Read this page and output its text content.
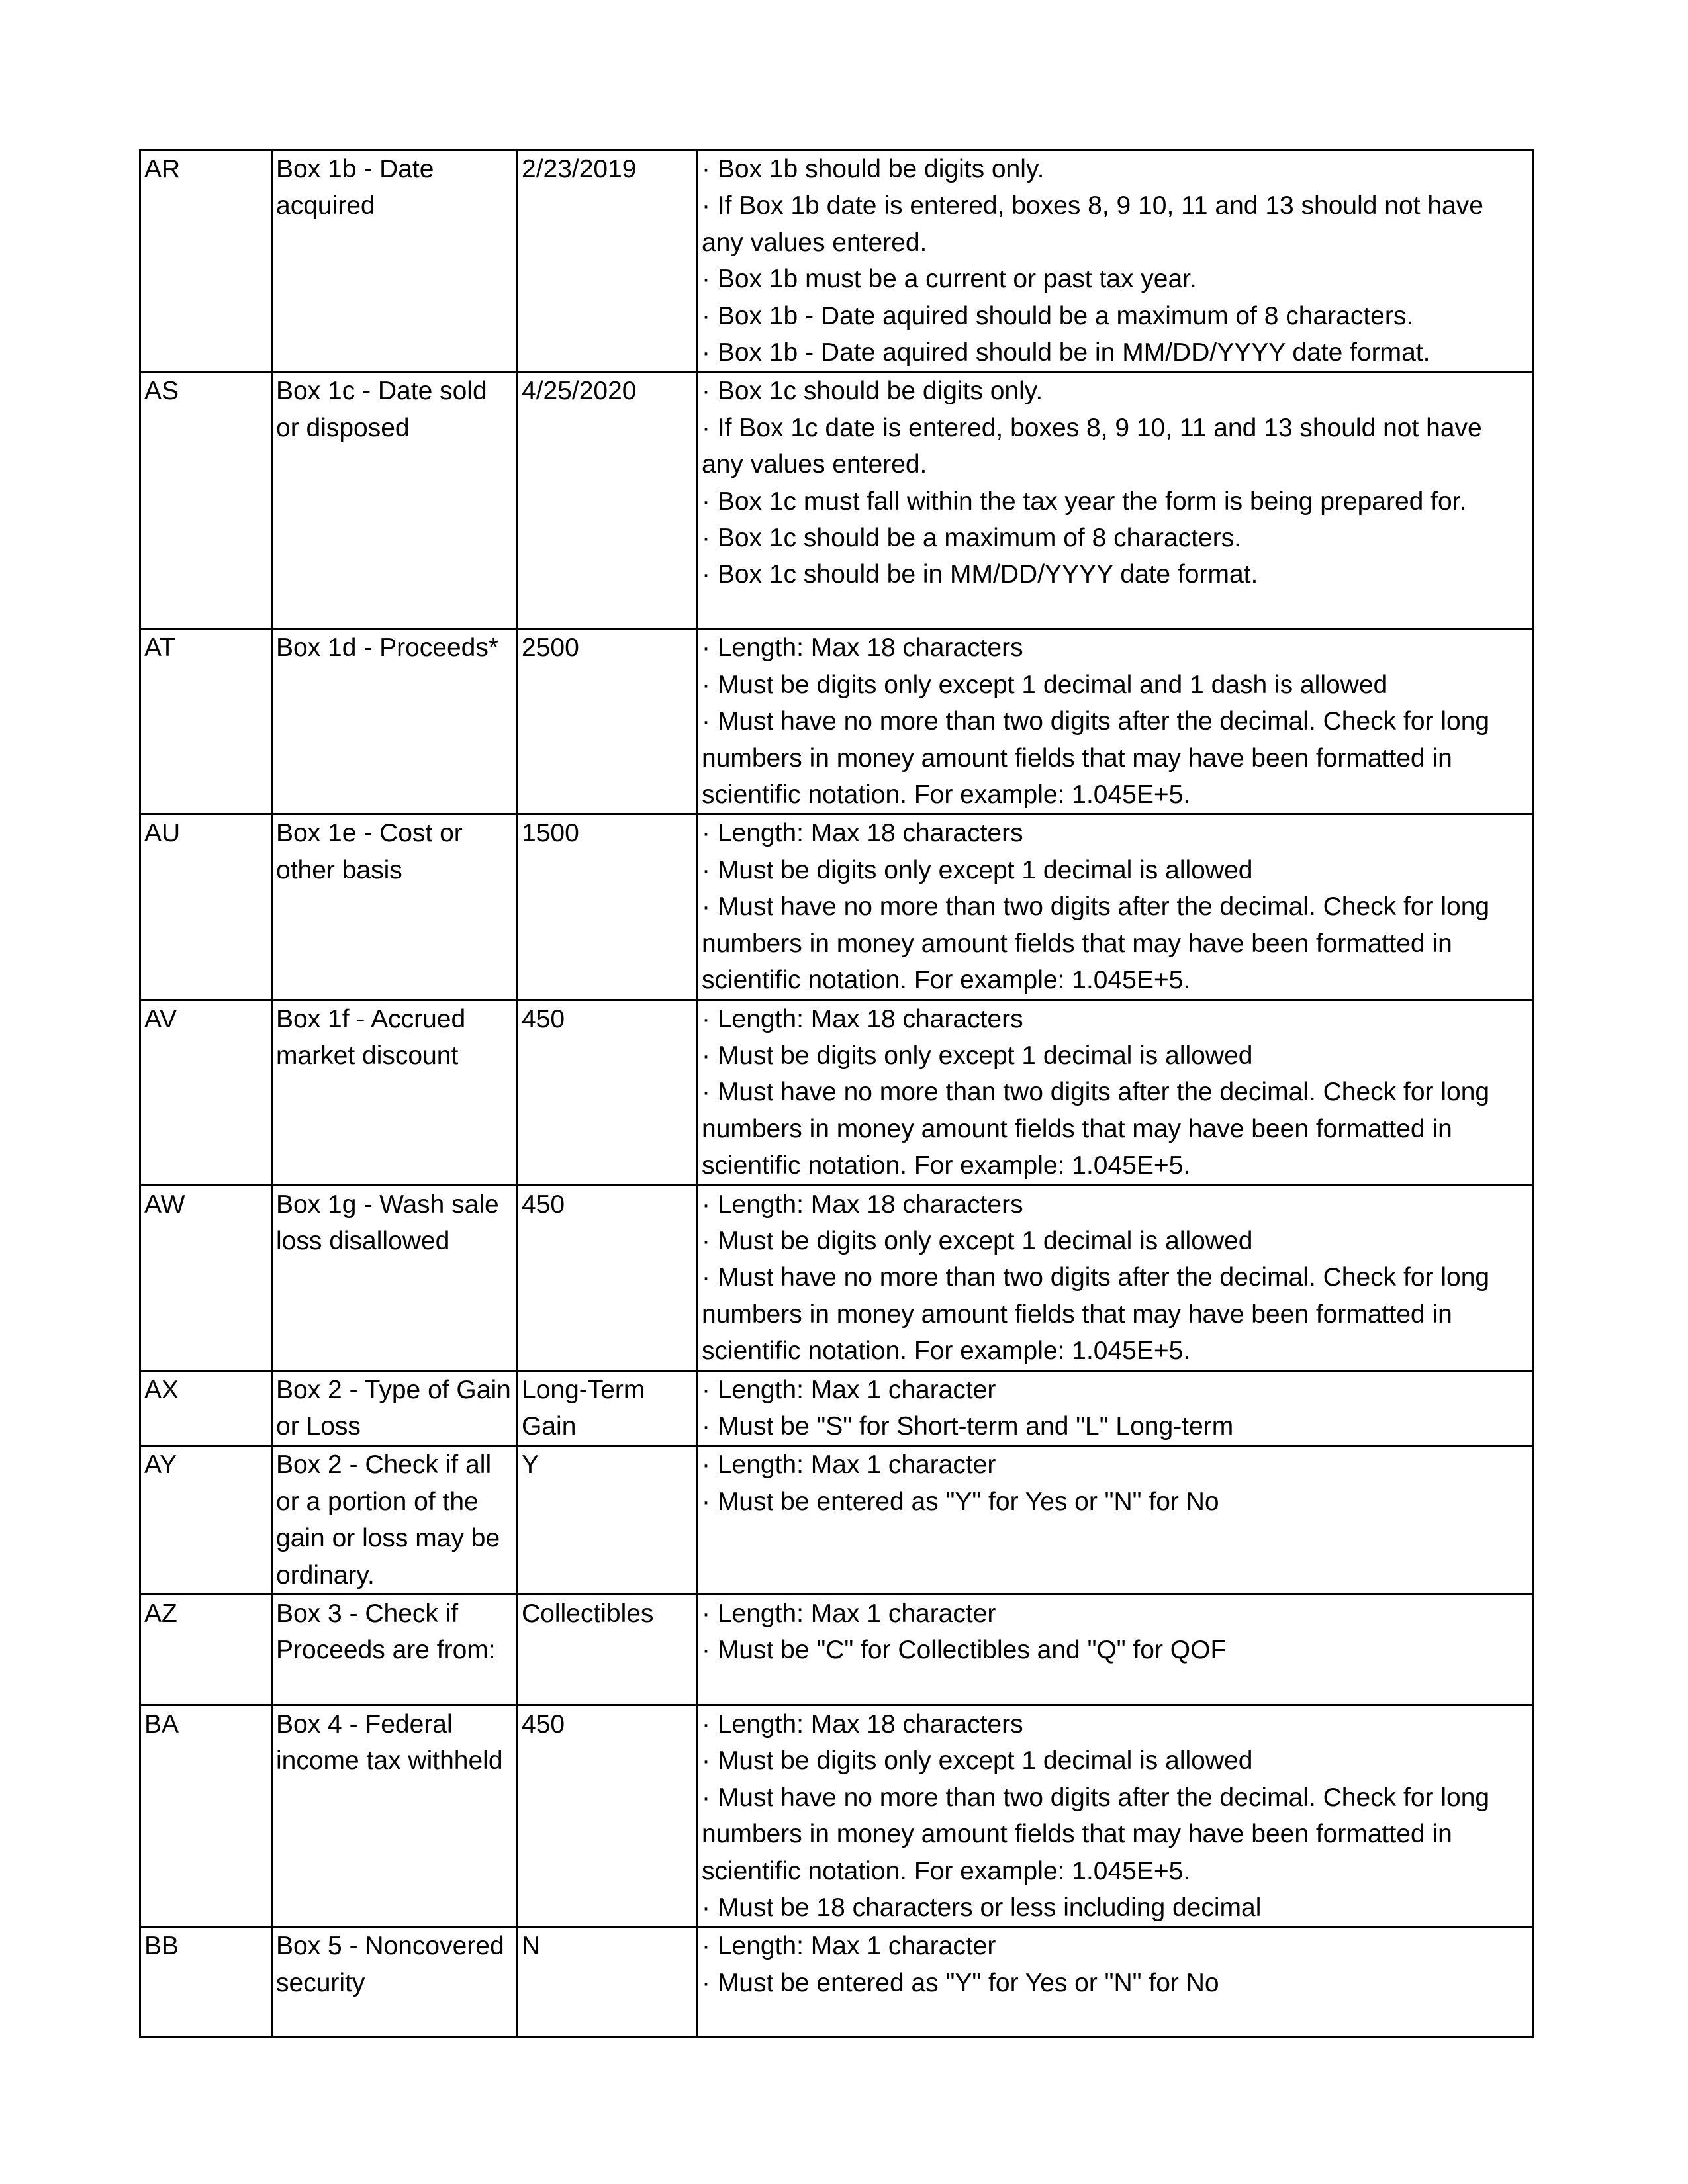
AR	Box 1b - Date acquired	2/23/2019	· Box 1b should be digits only.
· If Box 1b date is entered, boxes 8, 9 10, 11 and 13 should not have any values entered.
· Box 1b must be a current or past tax year.
· Box 1b - Date aquired should be a maximum of 8 characters.
· Box 1b - Date aquired should be in MM/DD/YYYY date format.

AS	Box 1c - Date sold or disposed	4/25/2020	· Box 1c should be digits only.
· If Box 1c date is entered, boxes 8, 9 10, 11 and 13 should not have any values entered.
· Box 1c must fall within the tax year the form is being prepared for.
· Box 1c should be a maximum of 8 characters.
· Box 1c should be in MM/DD/YYYY date format.

AT	Box 1d - Proceeds*	2500	· Length: Max 18 characters
· Must be digits only except 1 decimal and 1 dash is allowed
· Must have no more than two digits after the decimal. Check for long numbers in money amount fields that may have been formatted in scientific notation. For example: 1.045E+5.

AU	Box 1e - Cost or other basis	1500	· Length: Max 18 characters
· Must be digits only except 1 decimal is allowed
· Must have no more than two digits after the decimal. Check for long numbers in money amount fields that may have been formatted in scientific notation. For example: 1.045E+5.

AV	Box 1f - Accrued market discount	450	· Length: Max 18 characters
· Must be digits only except 1 decimal is allowed
· Must have no more than two digits after the decimal. Check for long numbers in money amount fields that may have been formatted in scientific notation. For example: 1.045E+5.

AW	Box 1g - Wash sale loss disallowed	450	· Length: Max 18 characters
· Must be digits only except 1 decimal is allowed
· Must have no more than two digits after the decimal. Check for long numbers in money amount fields that may have been formatted in scientific notation. For example: 1.045E+5.

AX	Box 2 - Type of Gain or Loss	Long-Term Gain	· Length: Max 1 character
· Must be "S" for Short-term and "L" Long-term

AY	Box 2 - Check if all or a portion of the gain or loss may be ordinary.	Y	· Length: Max 1 character
· Must be entered as "Y" for Yes or "N" for No

AZ	Box 3 - Check if Proceeds are from:	Collectibles	· Length: Max 1 character
· Must be "C" for Collectibles and "Q" for QOF

BA	Box 4 - Federal income tax withheld	450	· Length: Max 18 characters
· Must be digits only except 1 decimal is allowed
· Must have no more than two digits after the decimal. Check for long numbers in money amount fields that may have been formatted in scientific notation. For example: 1.045E+5.
· Must be 18 characters or less including decimal

BB	Box 5 - Noncovered security	N	· Length: Max 1 character
· Must be entered as "Y" for Yes or "N" for No
